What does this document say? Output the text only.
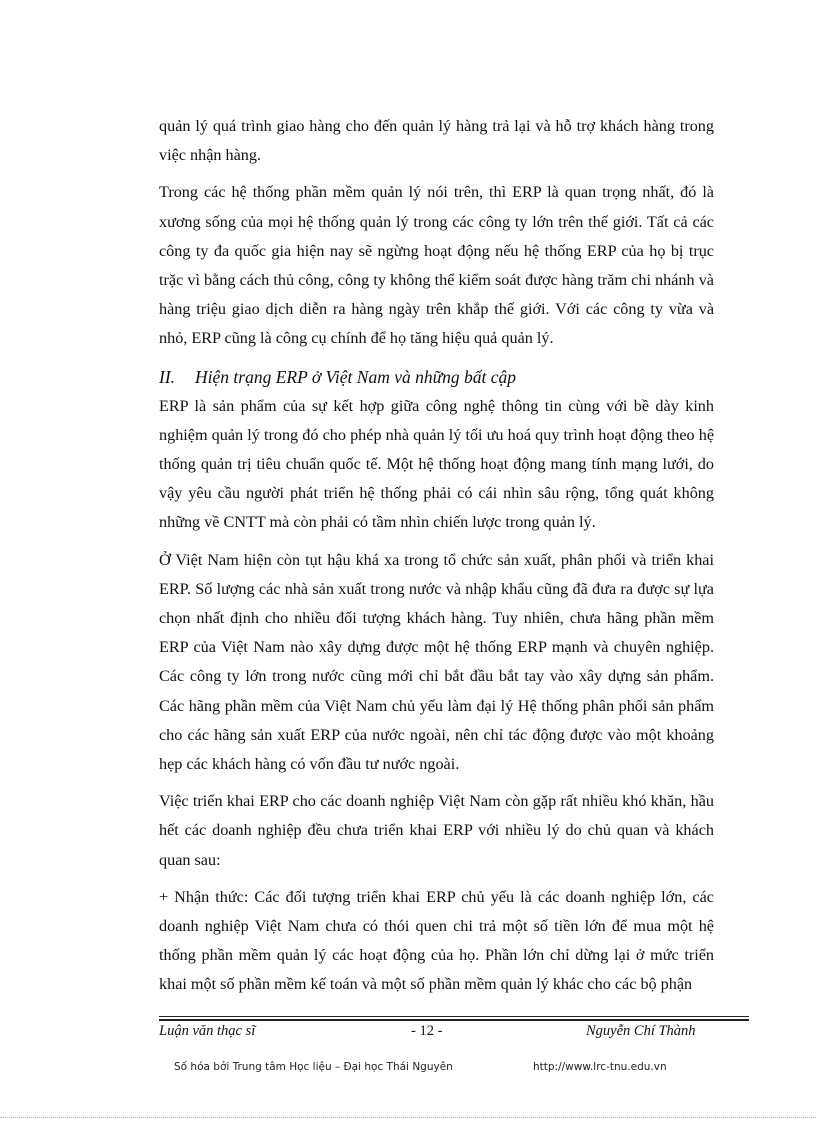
quản lý quá trình giao hàng cho đến quản lý hàng trả lại và hỗ trợ khách hàng trong việc nhận hàng.

Trong các hệ thống phần mềm quản lý nói trên, thì ERP là quan trọng nhất, đó là xương sống của mọi hệ thống quản lý trong các công ty lớn trên thế giới. Tất cả các công ty đa quốc gia hiện nay sẽ ngừng hoạt động nếu hệ thống ERP của họ bị trục trặc vì bằng cách thủ công, công ty không thể kiểm soát được hàng trăm chi nhánh và hàng triệu giao dịch diễn ra hàng ngày trên khắp thế giới. Với các công ty vừa và nhỏ, ERP cũng là công cụ chính để họ tăng hiệu quả quản lý.

II. Hiện trạng ERP ở Việt Nam và những bất cập

ERP là sản phẩm của sự kết hợp giữa công nghệ thông tin cùng với bề dày kinh nghiệm quản lý trong đó cho phép nhà quản lý tối ưu hoá quy trình hoạt động theo hệ thống quản trị tiêu chuẩn quốc tế. Một hệ thống hoạt động mang tính mạng lưới, do vậy yêu cầu người phát triển hệ thống phải có cái nhìn sâu rộng, tổng quát không những về CNTT mà còn phải có tầm nhìn chiến lược trong quản lý.

Ở Việt Nam hiện còn tụt hậu khá xa trong tổ chức sản xuất, phân phối và triển khai ERP. Số lượng các nhà sản xuất trong nước và nhập khẩu cũng đã đưa ra được sự lựa chọn nhất định cho nhiều đối tượng khách hàng. Tuy nhiên, chưa hãng phần mềm ERP của Việt Nam nào xây dựng được một hệ thống ERP mạnh và chuyên nghiệp. Các công ty lớn trong nước cũng mới chỉ bắt đầu bắt tay vào xây dựng sản phẩm. Các hãng phần mềm của Việt Nam chủ yếu làm đại lý Hệ thống phân phối sản phẩm cho các hãng sản xuất ERP của nước ngoài, nên chỉ tác động được vào một khoảng hẹp các khách hàng có vốn đầu tư nước ngoài.

Việc triển khai ERP cho các doanh nghiệp Việt Nam còn gặp rất nhiều khó khăn, hầu hết các doanh nghiệp đều chưa triển khai ERP với nhiều lý do chủ quan và khách quan sau:

+ Nhận thức: Các đối tượng triển khai ERP chủ yếu là các doanh nghiệp lớn, các doanh nghiệp Việt Nam chưa có thói quen chi trả một số tiền lớn để mua một hệ thống phần mềm quản lý các hoạt động của họ. Phần lớn chỉ dừng lại ở mức triển khai một số phần mềm kế toán và một số phần mềm quản lý khác cho các bộ phận

Luận văn thạc sĩ	- 12 -	Nguyễn Chí Thành
Số hóa bởi Trung tâm Học liệu – Đại học Thái Nguyên	http://www.lrc-tnu.edu.vn
